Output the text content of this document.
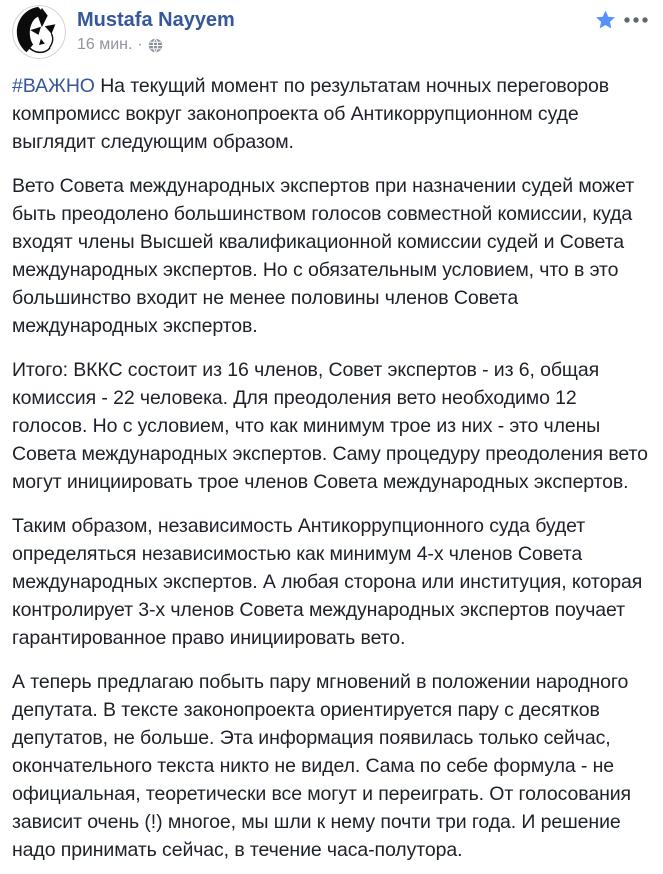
Mustafa Nayyem
16 мин. ·

#ВАЖНО На текущий момент по результатам ночных переговоров компромисс вокруг законопроекта об Антикоррупционном суде выглядит следующим образом.

Вето Совета международных экспертов при назначении судей может быть преодолено большинством голосов совместной комиссии, куда входят члены Высшей квалификационной комиссии судей и Совета международных экспертов. Но с обязательным условием, что в это большинство входит не менее половины членов Совета международных экспертов.

Итого: ВККС состоит из 16 членов, Совет экспертов - из 6, общая комиссия - 22 человека. Для преодоления вето необходимо 12 голосов. Но с условием, что как минимум трое из них - это члены Совета международных экспертов. Саму процедуру преодоления вето могут инициировать трое членов Совета международных экспертов.

Таким образом, независимость Антикоррупционного суда будет определяться независимостью как минимум 4-х членов Совета международных экспертов. А любая сторона или институция, которая контролирует 3-х членов Совета международных экспертов поучает гарантированное право инициировать вето.

А теперь предлагаю побыть пару мгновений в положении народного депутата. В тексте законопроекта ориентируется пару с десятков депутатов, не больше. Эта информация появилась только сейчас, окончательного текста никто не видел. Сама по себе формула - не официальная, теоретически все могут и переиграть. От голосования зависит очень (!) многое, мы шли к нему почти три года. И решение надо принимать сейчас, в течение часа-полутора.
